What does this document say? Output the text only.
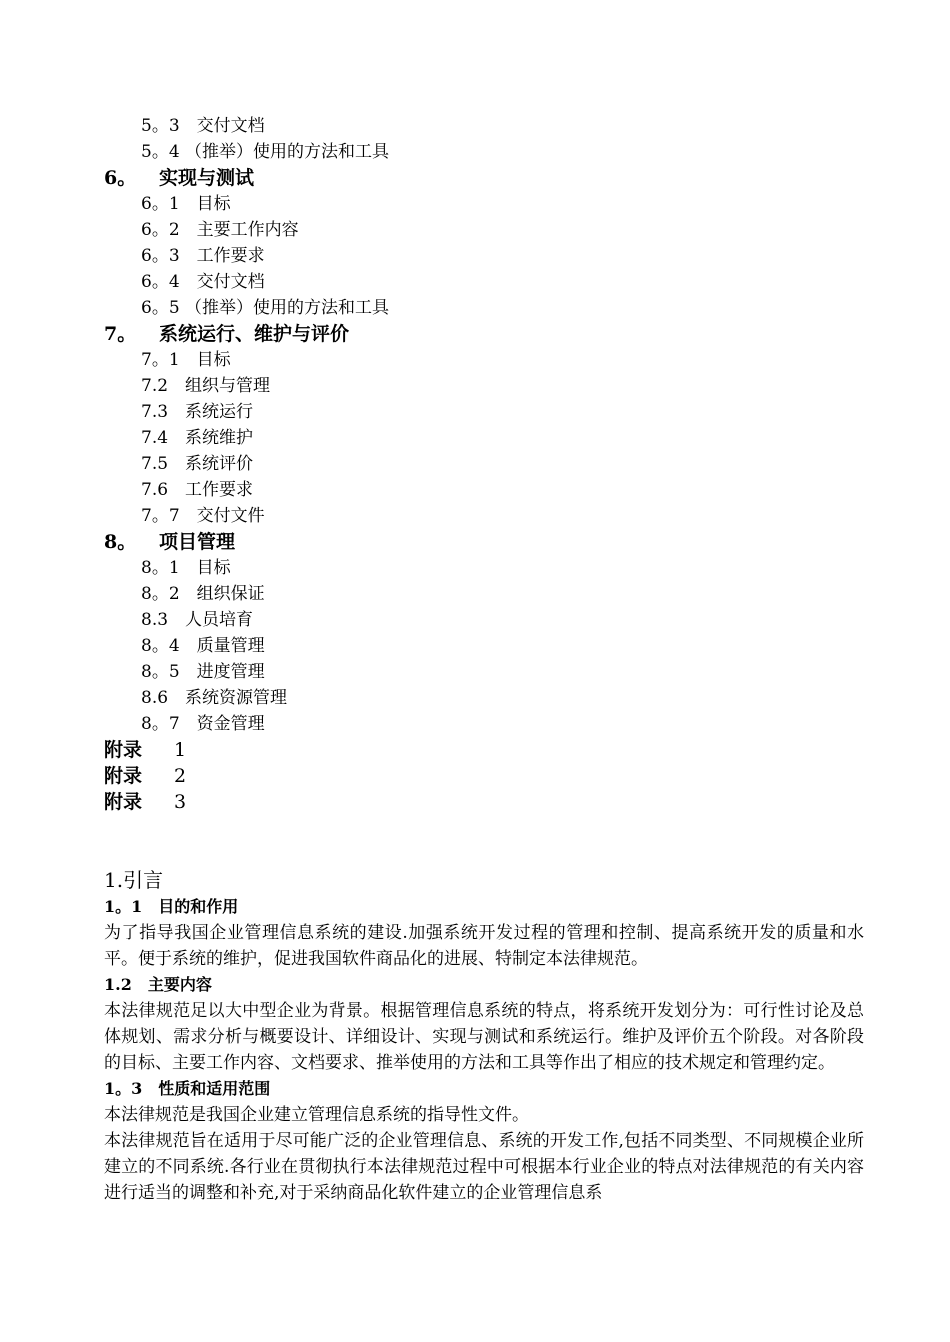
5。3　交付文档
5。4 （推举）使用的方法和工具
6。 实现与测试
6。1　目标
6。2　主要工作内容
6。3　工作要求
6。4　交付文档
6。5 （推举）使用的方法和工具
7。 系统运行、维护与评价
7。1　目标
7.2　组织与管理
7.3　系统运行
7.4　系统维护
7.5　系统评价
7.6　工作要求
7。7　交付文件
8。 项目管理
8。1　目标
8。2　组织保证
8.3　人员培育
8。4　质量管理
8。5　进度管理
8.6　系统资源管理
8。7　资金管理
附录 1
附录 2
附录 3
1.引言
1。1　目的和作用

为了指导我国企业管理信息系统的建设.加强系统开发过程的管理和控制、提高系统开发的质量和水平。便于系统的维护，促进我国软件商品化的进展、特制定本法律规范。

1.2　主要内容

本法律规范足以大中型企业为背景。根据管理信息系统的特点，将系统开发划分为：可行性讨论及总体规划、需求分析与概要设计、详细设计、实现与测试和系统运行。维护及评价五个阶段。对各阶段的目标、主要工作内容、文档要求、推举使用的方法和工具等作出了相应的技术规定和管理约定。

1。3　性质和适用范围

本法律规范是我国企业建立管理信息系统的指导性文件。

本法律规范旨在适用于尽可能广泛的企业管理信息、系统的开发工作,包括不同类型、不同规模企业所建立的不同系统.各行业在贯彻执行本法律规范过程中可根据本行业企业的特点对法律规范的有关内容进行适当的调整和补充,对于采纳商品化软件建立的企业管理信息系
